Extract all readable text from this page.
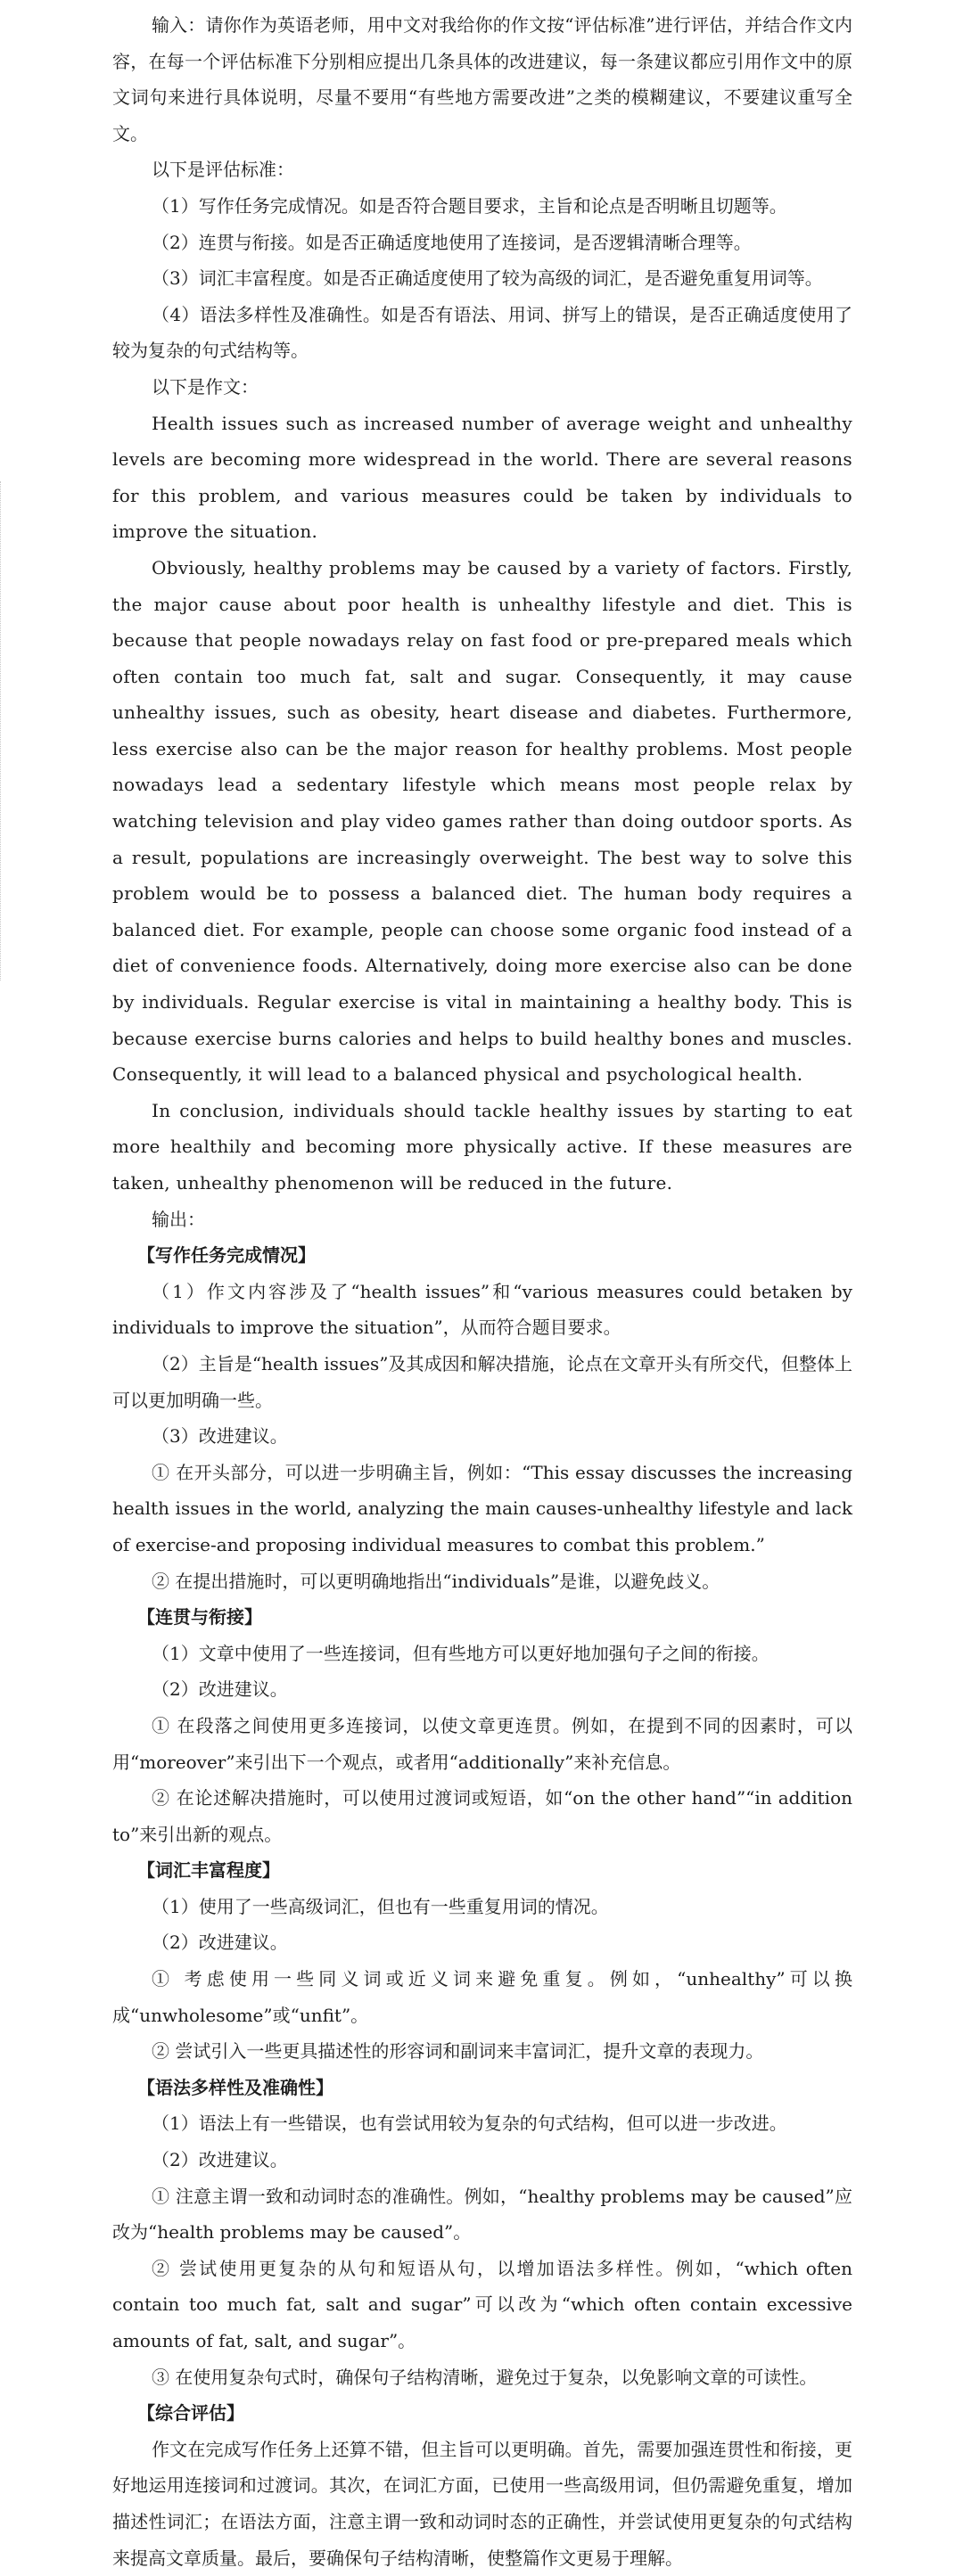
输入：请你作为英语老师，用中文对我给你的作文按“评估标准”进行评估，并结合作文内容，在每一个评估标准下分别相应提出几条具体的改进建议，每一条建议都应引用作文中的原文词句来进行具体说明，尽量不要用“有些地方需要改进”之类的模糊建议，不要建议重写全文。

以下是评估标准：

（1）写作任务完成情况。如是否符合题目要求，主旨和论点是否明晰且切题等。

（2）连贯与衔接。如是否正确适度地使用了连接词，是否逻辑清晰合理等。

（3）词汇丰富程度。如是否正确适度使用了较为高级的词汇，是否避免重复用词等。

（4）语法多样性及准确性。如是否有语法、用词、拼写上的错误，是否正确适度使用了较为复杂的句式结构等。

以下是作文：

Health issues such as increased number of average weight and unhealthy levels are becoming more widespread in the world. There are several reasons for this problem, and various measures could be taken by individuals to improve the situation.

Obviously, healthy problems may be caused by a variety of factors. Firstly, the major cause about poor health is unhealthy lifestyle and diet. This is because that people nowadays relay on fast food or pre-prepared meals which often contain too much fat, salt and sugar. Consequently, it may cause unhealthy issues, such as obesity, heart disease and diabetes. Furthermore, less exercise also can be the major reason for healthy problems. Most people nowadays lead a sedentary lifestyle which means most people relax by watching television and play video games rather than doing outdoor sports. As a result, populations are increasingly overweight. The best way to solve this problem would be to possess a balanced diet. The human body requires a balanced diet. For example, people can choose some organic food instead of a diet of convenience foods. Alternatively, doing more exercise also can be done by individuals. Regular exercise is vital in maintaining a healthy body. This is because exercise burns calories and helps to build healthy bones and muscles. Consequently, it will lead to a balanced physical and psychological health.

In conclusion, individuals should tackle healthy issues by starting to eat more healthily and becoming more physically active. If these measures are taken, unhealthy phenomenon will be reduced in the future.

输出：

【写作任务完成情况】

（1）作文内容涉及了“health issues”和“various measures could betaken by individuals to improve the situation”，从而符合题目要求。

（2）主旨是“health issues”及其成因和解决措施，论点在文章开头有所交代，但整体上可以更加明确一些。

（3）改进建议。

① 在开头部分，可以进一步明确主旨，例如：“This essay discusses the increasing health issues in the world, analyzing the main causes-unhealthy lifestyle and lack of exercise-and proposing individual measures to combat this problem.”

② 在提出措施时，可以更明确地指出“individuals”是谁，以避免歧义。

【连贯与衔接】

（1）文章中使用了一些连接词，但有些地方可以更好地加强句子之间的衔接。

（2）改进建议。

① 在段落之间使用更多连接词，以使文章更连贯。例如，在提到不同的因素时，可以用“moreover”来引出下一个观点，或者用“additionally”来补充信息。

② 在论述解决措施时，可以使用过渡词或短语，如“on the other hand”“in addition to”来引出新的观点。

【词汇丰富程度】

（1）使用了一些高级词汇，但也有一些重复用词的情况。

（2）改进建议。

① 考虑使用一些同义词或近义词来避免重复。例如，“unhealthy”可以换成“unwholesome”或“unfit”。

② 尝试引入一些更具描述性的形容词和副词来丰富词汇，提升文章的表现力。

【语法多样性及准确性】

（1）语法上有一些错误，也有尝试用较为复杂的句式结构，但可以进一步改进。

（2）改进建议。

① 注意主谓一致和动词时态的准确性。例如，“healthy problems may be caused”应改为“health problems may be caused”。

② 尝试使用更复杂的从句和短语从句，以增加语法多样性。例如，“which often contain too much fat, salt and sugar”可以改为“which often contain excessive amounts of fat, salt, and sugar”。

③ 在使用复杂句式时，确保句子结构清晰，避免过于复杂，以免影响文章的可读性。

【综合评估】

作文在完成写作任务上还算不错，但主旨可以更明确。首先，需要加强连贯性和衔接，更好地运用连接词和过渡词。其次，在词汇方面，已使用一些高级用词，但仍需避免重复，增加描述性词汇；在语法方面，注意主谓一致和动词时态的正确性，并尝试使用更复杂的句式结构来提高文章质量。最后，要确保句子结构清晰，使整篇作文更易于理解。
